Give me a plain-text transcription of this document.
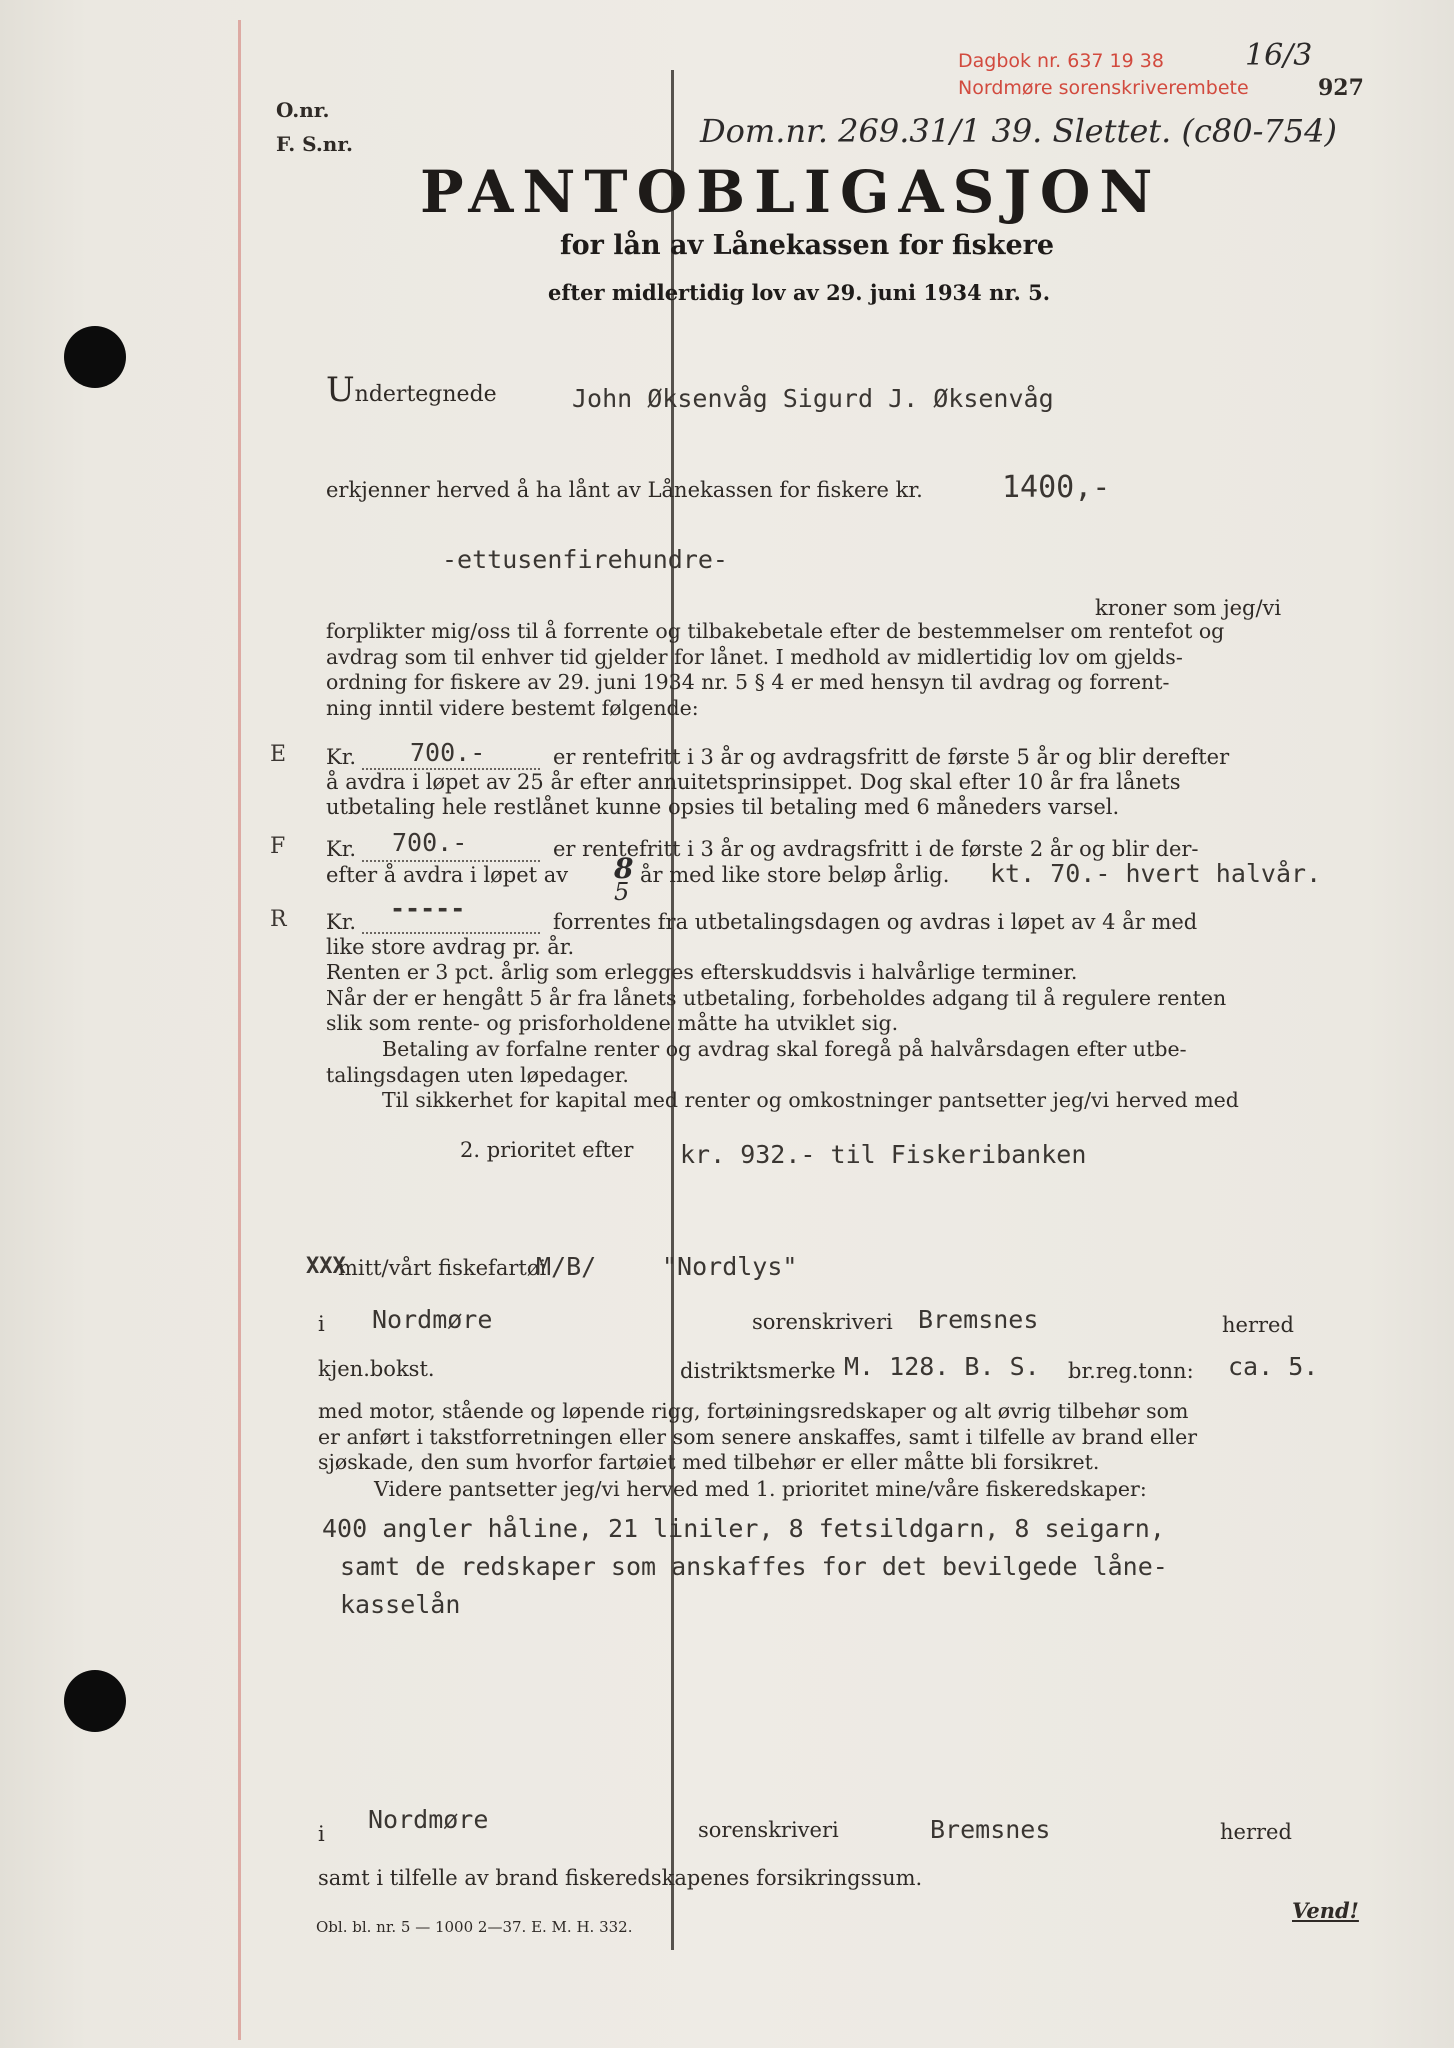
Dagbok nr. 637 19 38	16/3
Nordmøre sorenskriverembete	927
O.nr.
F. S.nr.	Dom.nr. 269.31/1 39. Slettet. (c80-754)
PANTOBLIGASJON
for lån av Lånekassen for fiskere
efter midlertidig lov av 29. juni 1934 nr. 5.
Undertegnede	John Øksenvåg Sigurd J. Øksenvåg
erkjenner herved å ha lånt av Lånekassen for fiskere kr.	1400,-
-ettusenfirehundre-
kroner som jeg/vi
forplikter mig/oss til å forrente og tilbakebetale efter de bestemmelser om rentefot og
avdrag som til enhver tid gjelder for lånet. I medhold av midlertidig lov om gjelds-
ordning for fiskere av 29. juni 1934 nr. 5 § 4 er med hensyn til avdrag og forrent-
ning inntil videre bestemt følgende:
E Kr. 700.-	er rentefritt i 3 år og avdragsfritt de første 5 år og blir derefter
å avdra i løpet av 25 år efter annuitetsprinsippet. Dog skal efter 10 år fra lånets
utbetaling hele restlånet kunne opsies til betaling med 6 måneders varsel.
F Kr. 700.-	er rentefritt i 3 år og avdragsfritt i de første 2 år og blir der-
efter å avdra i løpet av 8
5
år med like store beløp årlig. kt. 70.- hvert halvår.
R Kr. -----	forrentes fra utbetalingsdagen og avdras i løpet av 4 år med
like store avdrag pr. år.
Renten er 3 pct. årlig som erlegges efterskuddsvis i halvårlige terminer.
Når der er hengått 5 år fra lånets utbetaling, forbeholdes adgang til å regulere renten
slik som rente- og prisforholdene måtte ha utviklet sig.
Betaling av forfalne renter og avdrag skal foregå på halvårsdagen efter utbe-
talingsdagen uten løpedager.
Til sikkerhet for kapital med renter og omkostninger pantsetter jeg/vi herved med
2. prioritet efter kr. 932.- til Fiskeribanken
XXX
mitt/vårt fiskefartøi
M/B/	"Nordlys"
i Nordmøre	sorenskriveri Bremsnes	herred
kjen.bokst.	distriktsmerke M. 128. B. S. br.reg.tonn: ca. 5.
med motor, stående og løpende rigg, fortøiningsredskaper og alt øvrig tilbehør som
er anført i takstforretningen eller som senere anskaffes, samt i tilfelle av brand eller
sjøskade, den sum hvorfor fartøiet med tilbehør er eller måtte bli forsikret.
Videre pantsetter jeg/vi herved med 1. prioritet mine/våre fiskeredskaper:
400 angler håline, 21 liniler, 8 fetsildgarn, 8 seigarn,
samt de redskaper som anskaffes for det bevilgede låne-
kasselån
i Nordmøre	sorenskriveri	Bremsnes	herred
samt i tilfelle av brand fiskeredskapenes forsikringssum.
Obl. bl. nr. 5 — 1000 2—37. E. M. H. 332.
Vend!
